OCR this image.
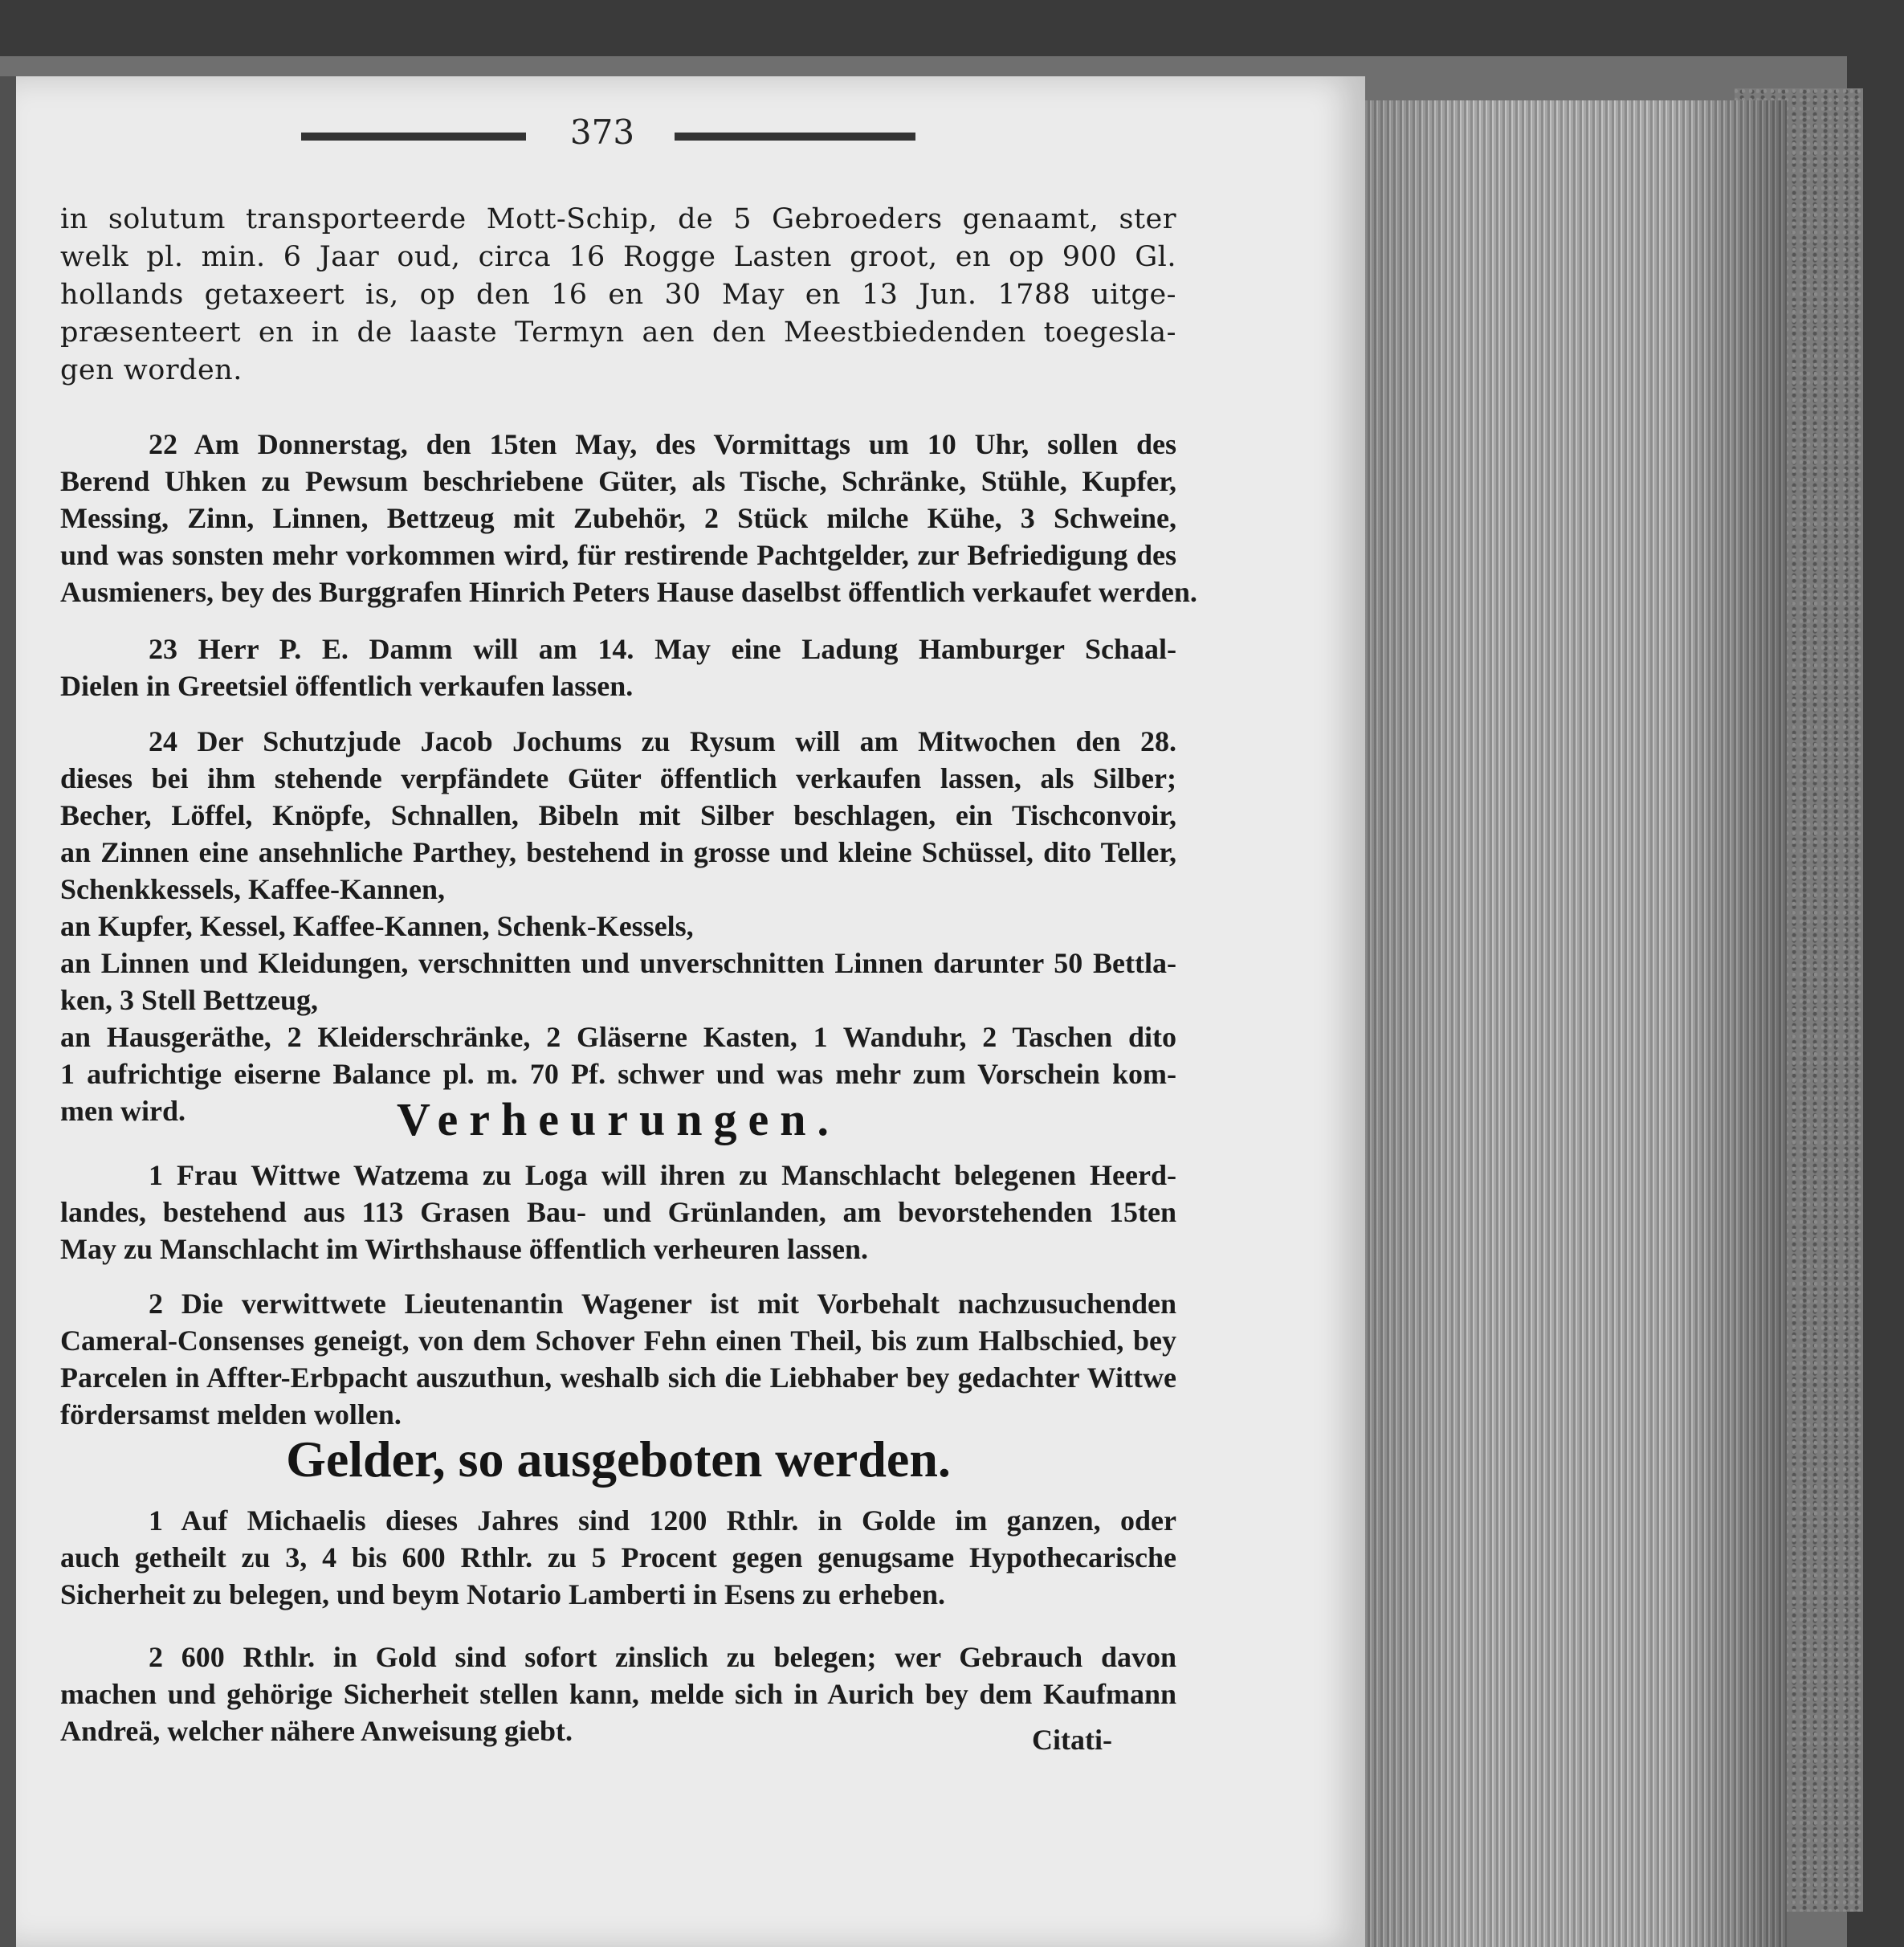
373
in solutum transporteerde Mott-Schip, de 5 Gebroeders genaamt, ster
welk pl. min. 6 Jaar oud, circa 16 Rogge Lasten groot, en op 900 Gl.
hollands getaxeert is, op den 16 en 30 May en 13 Jun. 1788 uitge-
præsenteert en in de laaste Termyn aen den Meestbiedenden toegesla-
gen worden.
22 Am Donnerstag, den 15ten May, des Vormittags um 10 Uhr, sollen des
Berend Uhken zu Pewsum beschriebene Güter, als Tische, Schränke, Stühle, Kupfer,
Messing, Zinn, Linnen, Bettzeug mit Zubehör, 2 Stück milche Kühe, 3 Schweine,
und was sonsten mehr vorkommen wird, für restirende Pachtgelder, zur Befriedigung des
Ausmieners, bey des Burggrafen Hinrich Peters Hause daselbst öffentlich verkaufet werden.
23 Herr P. E. Damm will am 14. May eine Ladung Hamburger Schaal-
Dielen in Greetsiel öffentlich verkaufen lassen.
24 Der Schutzjude Jacob Jochums zu Rysum will am Mitwochen den 28.
dieses bei ihm stehende verpfändete Güter öffentlich verkaufen lassen, als Silber;
Becher, Löffel, Knöpfe, Schnallen, Bibeln mit Silber beschlagen, ein Tischconvoir,
an Zinnen eine ansehnliche Parthey, bestehend in grosse und kleine Schüssel, dito Teller,
Schenkkessels, Kaffee-Kannen,
an Kupfer, Kessel, Kaffee-Kannen, Schenk-Kessels,
an Linnen und Kleidungen, verschnitten und unverschnitten Linnen darunter 50 Bettla-
ken, 3 Stell Bettzeug,
an Hausgeräthe, 2 Kleiderschränke, 2 Gläserne Kasten, 1 Wanduhr, 2 Taschen dito
1 aufrichtige eiserne Balance pl. m. 70 Pf. schwer und was mehr zum Vorschein kom-
men wird.	Verheurungen.
1 Frau Wittwe Watzema zu Loga will ihren zu Manschlacht belegenen Heerd-
landes, bestehend aus 113 Grasen Bau- und Grünlanden, am bevorstehenden 15ten
May zu Manschlacht im Wirthshause öffentlich verheuren lassen.
2 Die verwittwete Lieutenantin Wagener ist mit Vorbehalt nachzusuchenden
Cameral-Consenses geneigt, von dem Schover Fehn einen Theil, bis zum Halbschied, bey
Parcelen in Affter-Erbpacht auszuthun, weshalb sich die Liebhaber bey gedachter Wittwe
fördersamst melden wollen.
Gelder, so ausgeboten werden.
1 Auf Michaelis dieses Jahres sind 1200 Rthlr. in Golde im ganzen, oder
auch getheilt zu 3, 4 bis 600 Rthlr. zu 5 Procent gegen genugsame Hypothecarische
Sicherheit zu belegen, und beym Notario Lamberti in Esens zu erheben.
2 600 Rthlr. in Gold sind sofort zinslich zu belegen; wer Gebrauch davon
machen und gehörige Sicherheit stellen kann, melde sich in Aurich bey dem Kaufmann
Andreä, welcher nähere Anweisung giebt.	Citati-
